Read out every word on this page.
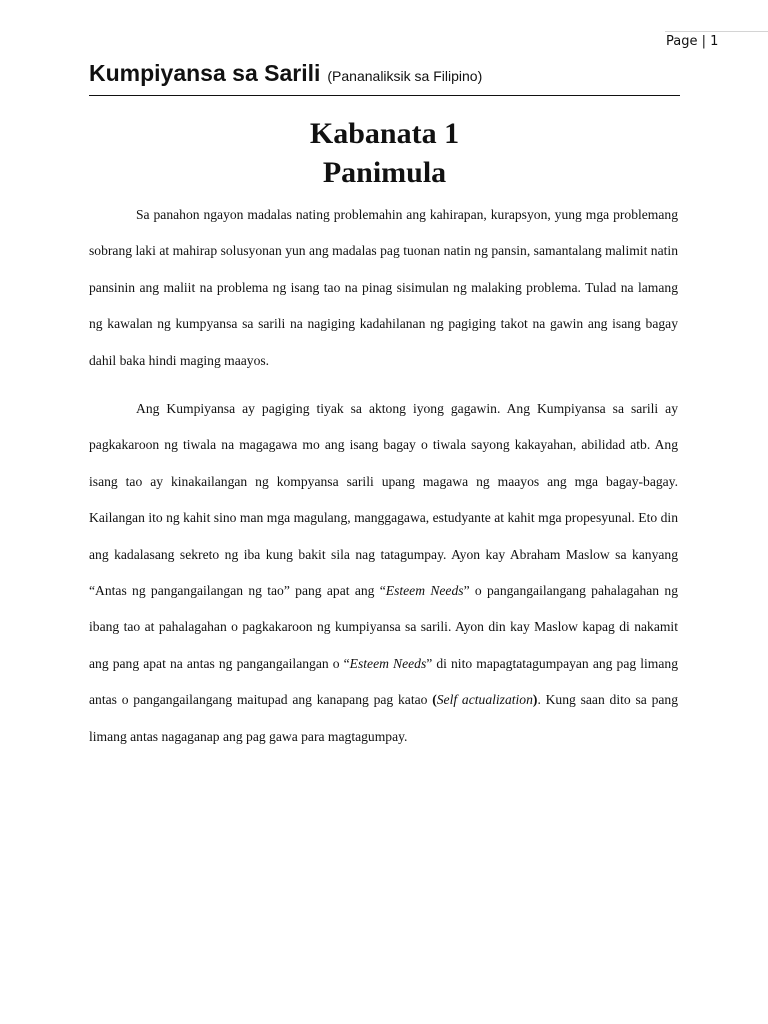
Page | 1
Kumpiyansa sa Sarili (Pananaliksik sa Filipino)
Kabanata 1
Panimula

Sa panahon ngayon madalas nating problemahin ang kahirapan, kurapsyon, yung mga problemang sobrang laki at mahirap solusyonan yun ang madalas pag tuonan natin ng pansin, samantalang malimit natin pansinin ang maliit na problema ng isang tao na pinag sisimulan ng malaking problema. Tulad na lamang ng kawalan ng kumpyansa sa sarili na nagiging kadahilanan ng pagiging takot na gawin ang isang bagay dahil baka hindi maging maayos.

Ang Kumpiyansa ay pagiging tiyak sa aktong iyong gagawin. Ang Kumpiyansa sa sarili ay pagkakaroon ng tiwala na magagawa mo ang isang bagay o tiwala sayong kakayahan, abilidad atb. Ang isang tao ay kinakailangan ng kompyansa sarili upang magawa ng maayos ang mga bagay-bagay. Kailangan ito ng kahit sino man mga magulang, manggagawa, estudyante at kahit mga propesyunal. Eto din ang kadalasang sekreto ng iba kung bakit sila nag tatagumpay. Ayon kay Abraham Maslow sa kanyang “Antas ng pangangailangan ng tao” pang apat ang “Esteem Needs” o pangangailangang pahalagahan ng ibang tao at pahalagahan o pagkakaroon ng kumpiyansa sa sarili. Ayon din kay Maslow kapag di nakamit ang pang apat na antas ng pangangailangan o “Esteem Needs” di nito mapagtatagumpayan ang pag limang antas o pangangailangang maitupad ang kanapang pag katao (Self actualization). Kung saan dito sa pang limang antas nagaganap ang pag gawa para magtagumpay.
